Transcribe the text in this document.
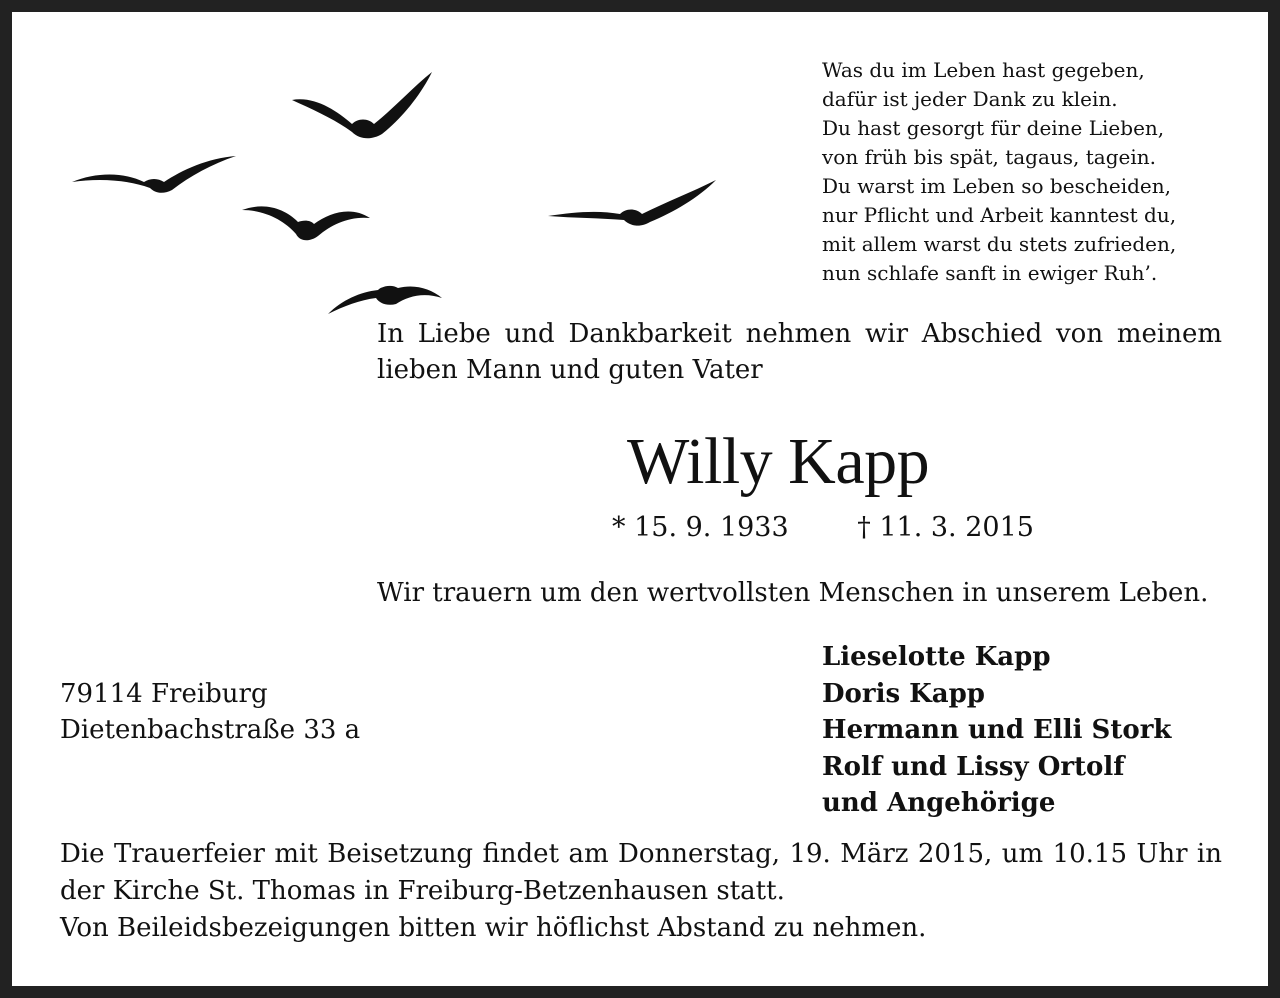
Was du im Leben hast gegeben,
dafür ist jeder Dank zu klein.
Du hast gesorgt für deine Lieben,
von früh bis spät, tagaus, tagein.
Du warst im Leben so bescheiden,
nur Pflicht und Arbeit kanntest du,
mit allem warst du stets zufrieden,
nun schlafe sanft in ewiger Ruh’.
In Liebe und Dankbarkeit nehmen wir Abschied von meinem lieben Mann und guten Vater
Willy Kapp
* 15. 9. 1933	† 11. 3. 2015
Wir trauern um den wertvollsten Menschen in unserem Leben.
79114 Freiburg
Dietenbachstraße 33 a
Lieselotte Kapp
Doris Kapp
Hermann und Elli Stork
Rolf und Lissy Ortolf
und Angehörige
Die Trauerfeier mit Beisetzung findet am Donnerstag, 19. März 2015, um 10.15 Uhr in der Kirche St. Thomas in Freiburg-Betzenhausen statt.
Von Beileidsbezeigungen bitten wir höflichst Abstand zu nehmen.
